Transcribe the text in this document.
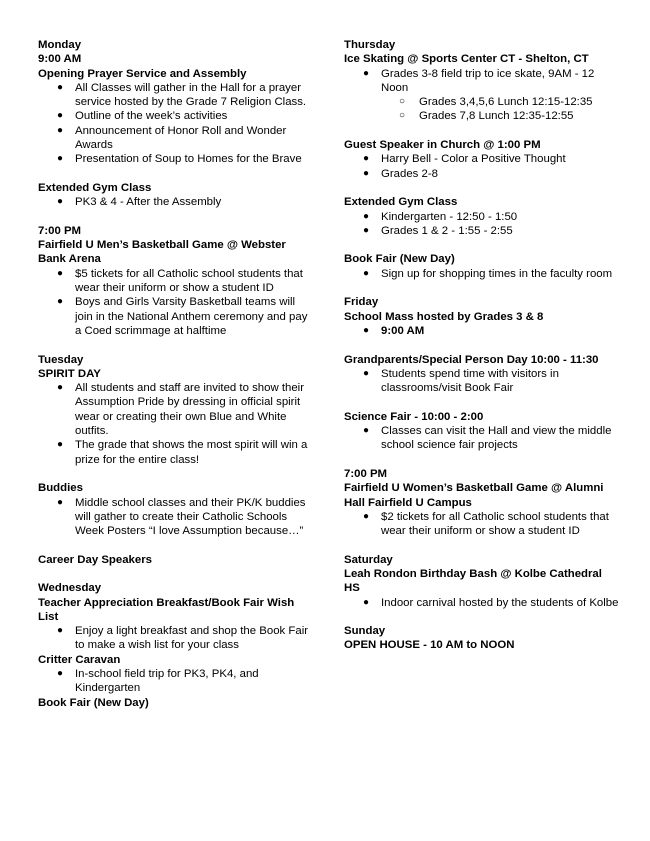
Monday
9:00 AM
Opening Prayer Service and Assembly
●	All Classes will gather in the Hall for a prayer service hosted by the Grade 7 Religion Class.
●	Outline of the week’s activities
●	Announcement of Honor Roll and Wonder Awards
●	Presentation of Soup to Homes for the Brave
Extended Gym Class
●	PK3 & 4 - After the Assembly
7:00 PM
Fairfield U Men’s Basketball Game @ Webster Bank Arena
●	$5 tickets for all Catholic school students that wear their uniform or show a student ID
●	Boys and Girls Varsity Basketball teams will join in the National Anthem ceremony and pay a Coed scrimmage at halftime
Tuesday
SPIRIT DAY
●	All students and staff are invited to show their Assumption Pride by dressing in official spirit wear or creating their own Blue and White outfits.
●	The grade that shows the most spirit will win a prize for the entire class!
Buddies
●	Middle school classes and their PK/K buddies will gather to create their Catholic Schools Week Posters “I love Assumption because…”
Career Day Speakers
Wednesday
Teacher Appreciation Breakfast/Book Fair Wish List
●	Enjoy a light breakfast and shop the Book Fair to make a wish list for your class
Critter Caravan
●	In-school field trip for PK3, PK4, and Kindergarten
Book Fair (New Day)
Thursday
Ice Skating @ Sports Center CT - Shelton, CT
●	Grades 3-8 field trip to ice skate, 9AM - 12 Noon
○ Grades 3,4,5,6 Lunch 12:15-12:35
○ Grades 7,8 Lunch 12:35-12:55
Guest Speaker in Church @ 1:00 PM
●	Harry Bell - Color a Positive Thought
●	Grades 2-8
Extended Gym Class
●	Kindergarten - 12:50 - 1:50
●	Grades 1 & 2 - 1:55 - 2:55
Book Fair (New Day)
●	Sign up for shopping times in the faculty room
Friday
School Mass hosted by Grades 3 & 8
●	9:00 AM
Grandparents/Special Person Day 10:00 - 11:30
●	Students spend time with visitors in classrooms/visit Book Fair
Science Fair - 10:00 - 2:00
●	Classes can visit the Hall and view the middle school science fair projects
7:00 PM
Fairfield U Women’s Basketball Game @ Alumni Hall Fairfield U Campus
●	$2 tickets for all Catholic school students that wear their uniform or show a student ID
Saturday
Leah Rondon Birthday Bash @ Kolbe Cathedral HS
●	Indoor carnival hosted by the students of Kolbe
Sunday
OPEN HOUSE - 10 AM to NOON
